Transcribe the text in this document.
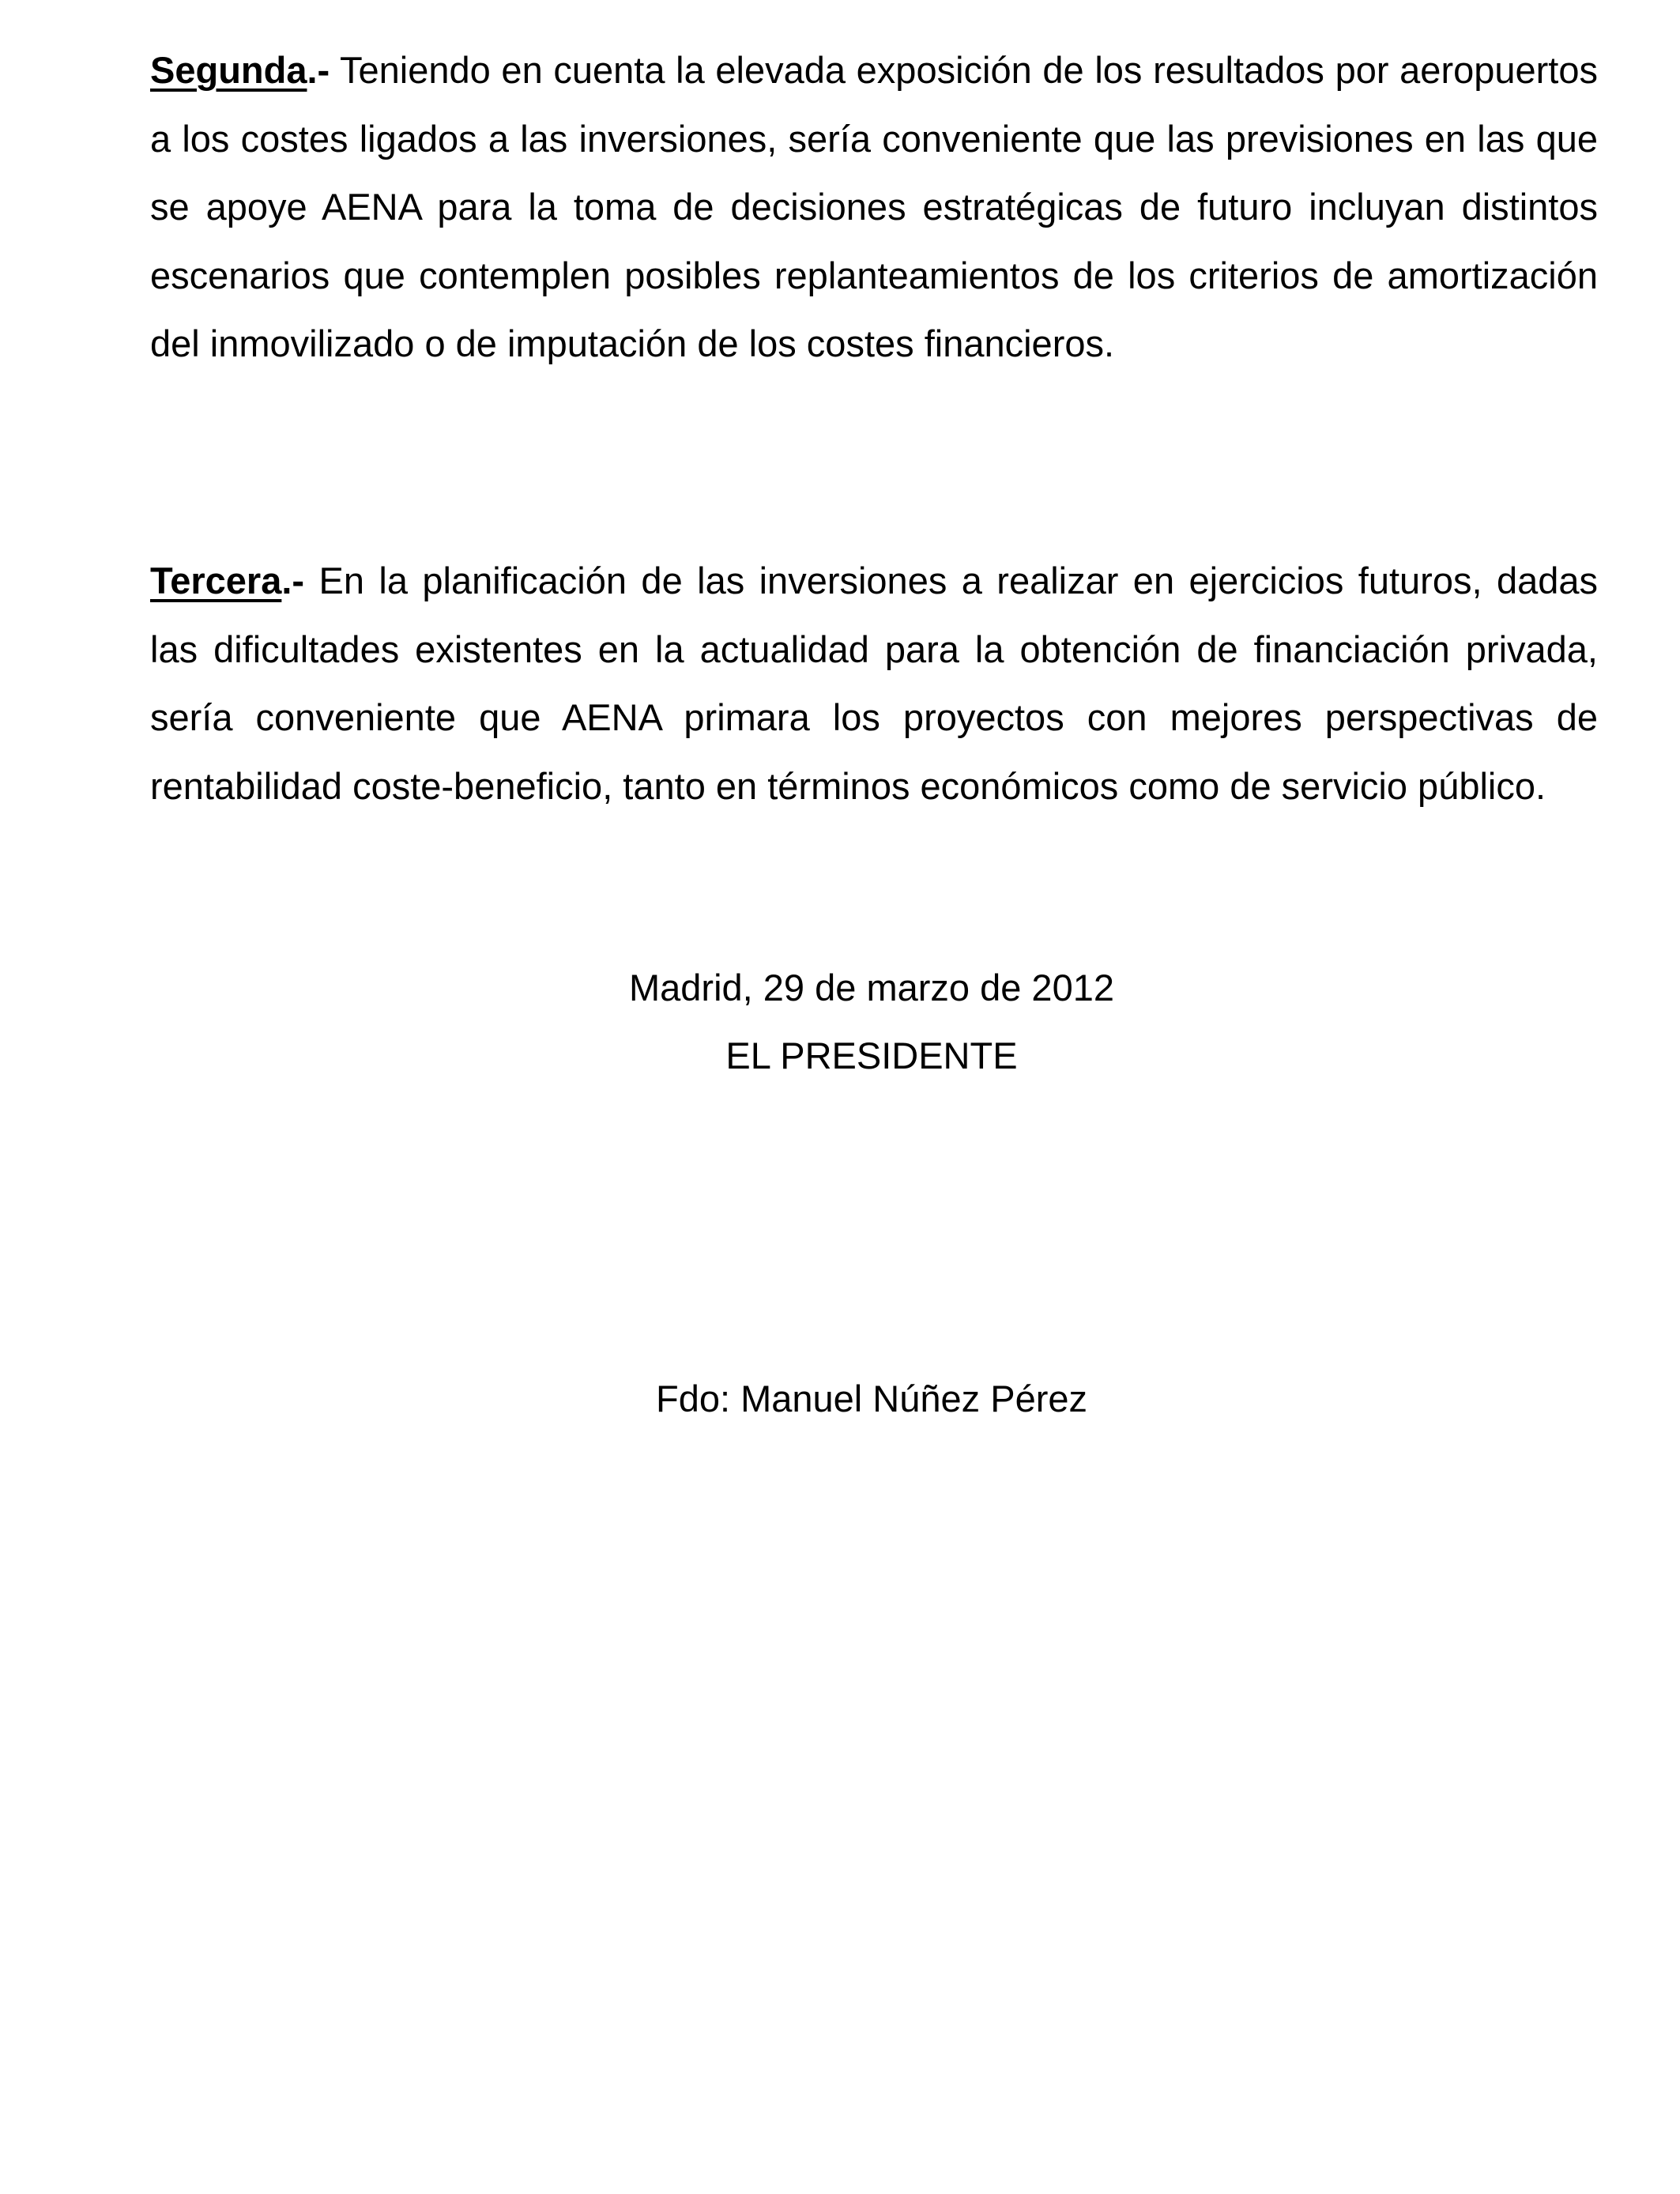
Segunda.- Teniendo en cuenta la elevada exposición de los resultados por aeropuertos a los costes ligados a las inversiones, sería conveniente que las previsiones en las que se apoye AENA para la toma de decisiones estratégicas de futuro incluyan distintos escenarios que contemplen posibles replanteamientos de los criterios de amortización del inmovilizado o de imputación de los costes financieros.

Tercera.- En la planificación de las inversiones a realizar en ejercicios futuros, dadas las dificultades existentes en la actualidad para la obtención de financiación privada, sería conveniente que AENA primara los proyectos con mejores perspectivas de rentabilidad coste-beneficio, tanto en términos económicos como de servicio público.

Madrid, 29 de marzo de 2012

EL PRESIDENTE

Fdo: Manuel Núñez Pérez
